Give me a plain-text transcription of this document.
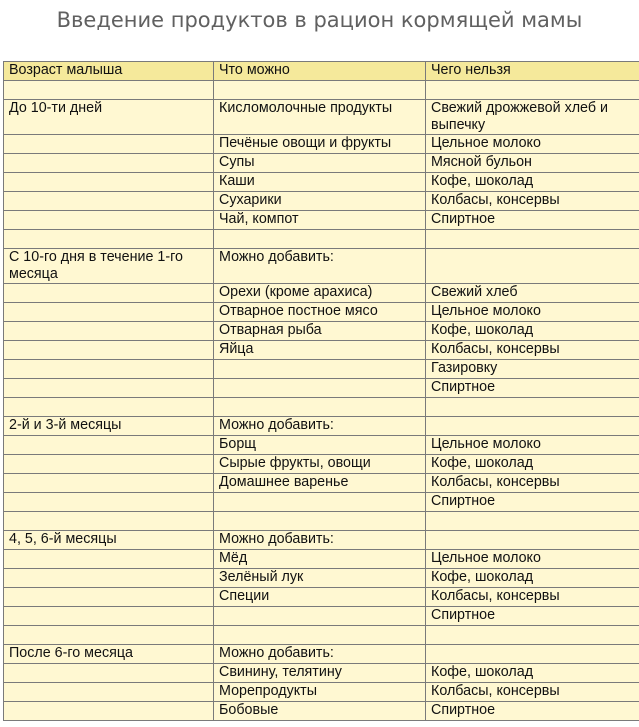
Введение продуктов в рацион кормящей мамы
Возраст малыша	Что можно	Чего нельзя

До 10-ти дней	Кисломолочные продукты	Свежий дрожжевой хлеб и выпечку
	Печёные овощи и фрукты	Цельное молоко
	Супы	Мясной бульон
	Каши	Кофе, шоколад
	Сухарики	Колбасы, консервы
	Чай, компот	Спиртное

С 10-го дня в течение 1-го месяца	Можно добавить:	
	Орехи (кроме арахиса)	Свежий хлеб
	Отварное постное мясо	Цельное молоко
	Отварная рыба	Кофе, шоколад
	Яйца	Колбасы, консервы
		Газировку
		Спиртное

2-й и 3-й месяцы	Можно добавить:	
	Борщ	Цельное молоко
	Сырые фрукты, овощи	Кофе, шоколад
	Домашнее варенье	Колбасы, консервы
		Спиртное

4, 5, 6-й месяцы	Можно добавить:	
	Мёд	Цельное молоко
	Зелёный лук	Кофе, шоколад
	Специи	Колбасы, консервы
		Спиртное

После 6-го месяца	Можно добавить:	
	Свинину, телятину	Кофе, шоколад
	Морепродукты	Колбасы, консервы
	Бобовые	Спиртное
